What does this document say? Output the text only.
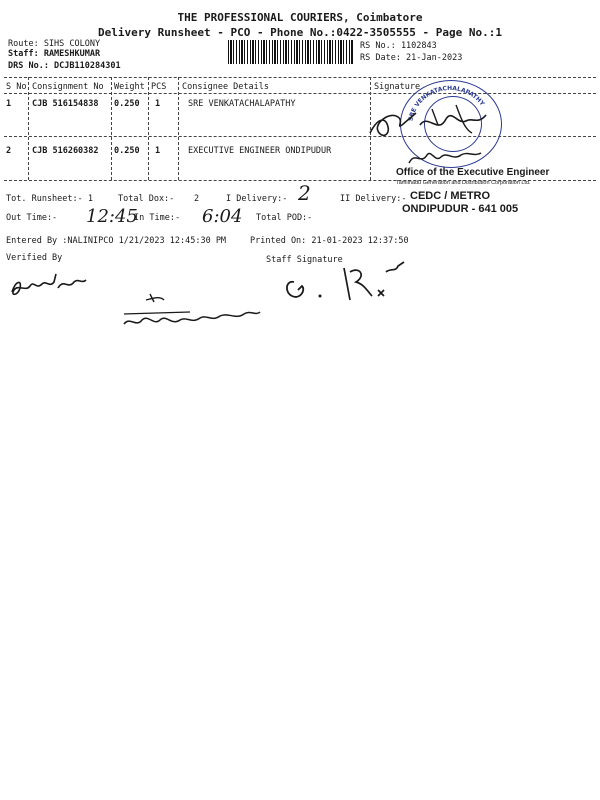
THE PROFESSIONAL COURIERS, Coimbatore
Delivery Runsheet - PCO - Phone No.:0422-3505555 - Page No.:1
Route: SIHS COLONY
Staff: RAMESHKUMAR
DRS No.: DCJB110284301
RS No.: 1102843
RS Date: 21-Jan-2023
S No Consignment No Weight PCS Consignee Details	Signature
1 CJB 516154838 0.250 1	SRE VENKATACHALAPATHY
2 CJB 516260382 0.250 1	EXECUTIVE ENGINEER ONDIPUDUR
SRE VENKATACHALAPATHY
Office of the Executive Engineer
Tamilnadu Generation and Distribution Corporation Ltd.
CEDC / METRO
ONDIPUDUR - 641 005
Tot. Runsheet:- 1	Total Dox:- 2	I Delivery:- 2	II Delivery:-
Out Time:- 12:45
In Time:- 6:04 Total POD:-
Entered By :NALINIPCO 1/21/2023 12:45:30 PM	Printed On: 21-01-2023 12:37:50
Verified By	Staff Signature
